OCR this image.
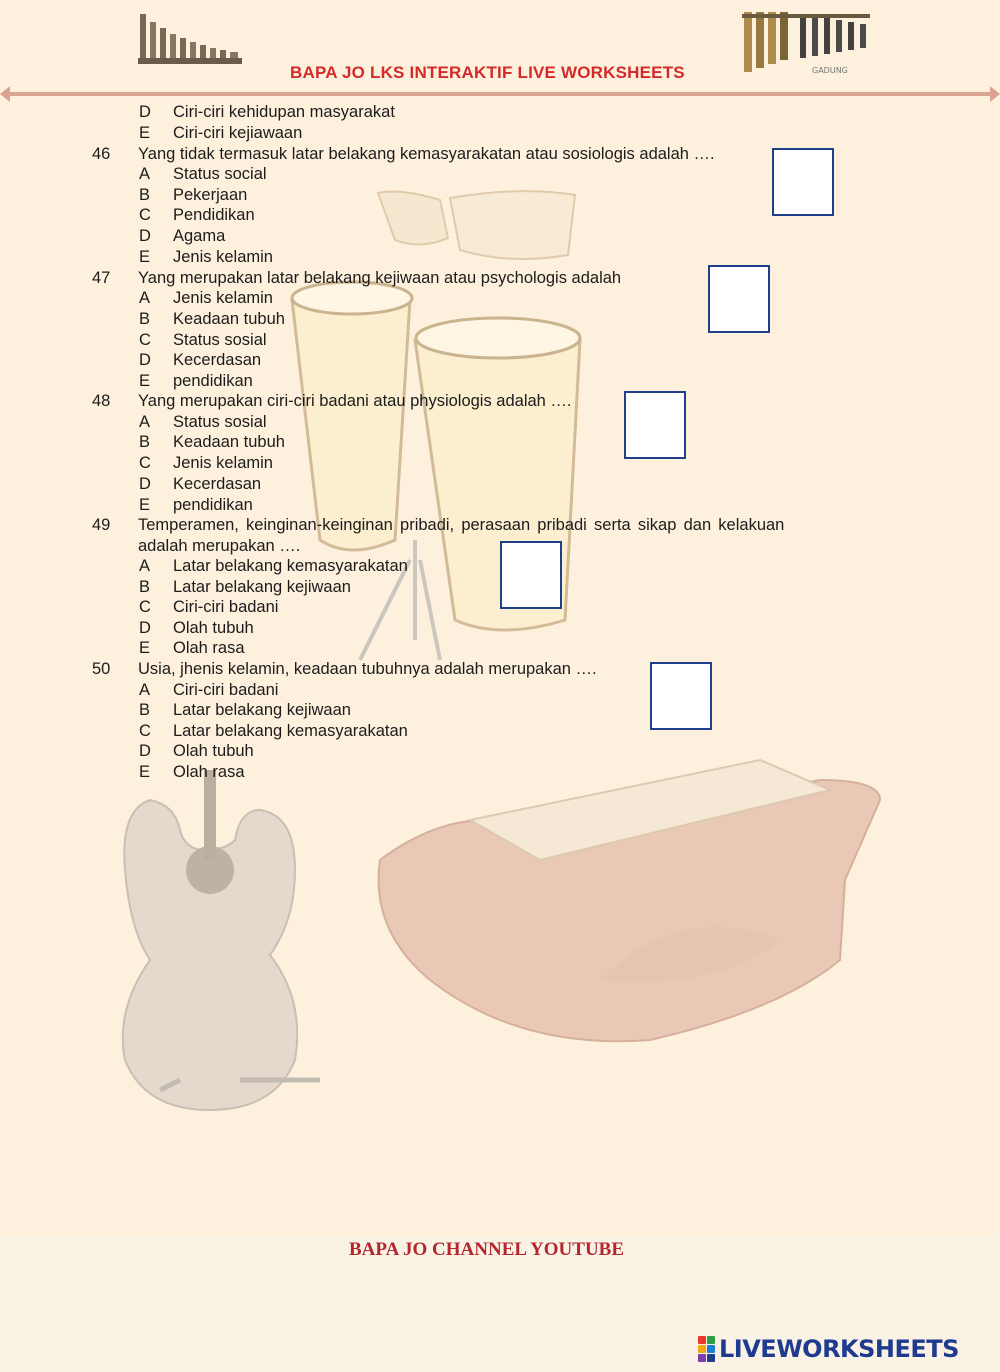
GADUNG
BAPA JO LKS INTERAKTIF LIVE WORKSHEETS
D Ciri-ciri kehidupan masyarakat
E Ciri-ciri kejiawaan
46 Yang tidak termasuk latar belakang kemasyarakatan atau sosiologis adalah ….
A Status social
B Pekerjaan
C Pendidikan
D Agama
E Jenis kelamin
47 Yang merupakan latar belakang kejiwaan atau psychologis adalah
A Jenis kelamin
B Keadaan tubuh
C Status sosial
D Kecerdasan
E pendidikan
48 Yang merupakan ciri-ciri badani atau physiologis adalah ….
A Status sosial
B Keadaan tubuh
C Jenis kelamin
D Kecerdasan
E pendidikan
49 Temperamen, keinginan-keinginan pribadi, perasaan pribadi serta sikap dan kelakuan
adalah merupakan ….
A Latar belakang kemasyarakatan
B Latar belakang kejiwaan
C Ciri-ciri badani
D Olah tubuh
E Olah rasa
50 Usia, jhenis kelamin, keadaan tubuhnya adalah merupakan ….
A Ciri-ciri badani
B Latar belakang kejiwaan
C Latar belakang kemasyarakatan
D Olah tubuh
E Olah rasa
BAPA JO CHANNEL YOUTUBE
LIVEWORKSHEETS
